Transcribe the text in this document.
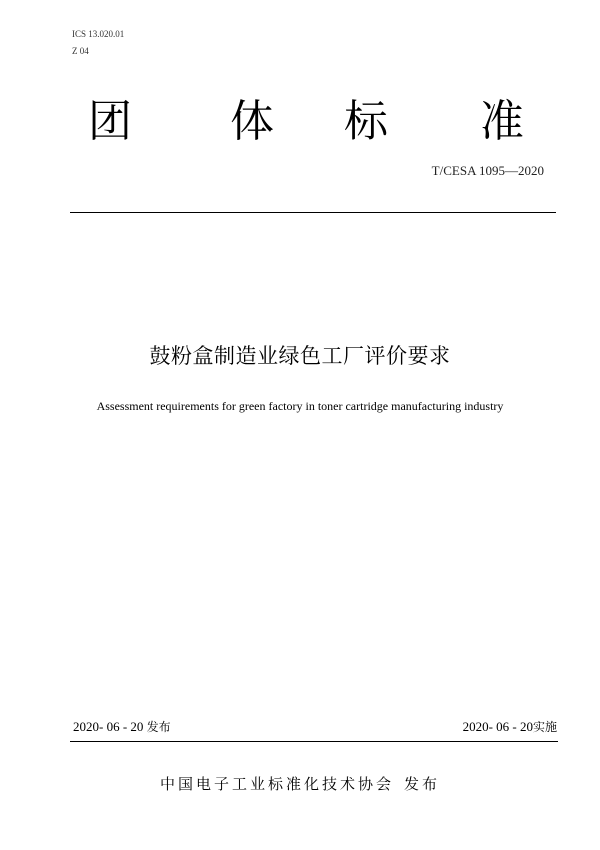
ICS 13.020.01
Z 04
团 体 标 准
T/CESA 1095—2020
鼓粉盒制造业绿色工厂评价要求
Assessment requirements for green factory in toner cartridge manufacturing industry
2020- 06 - 20 发布	2020- 06 - 20实施
中国电子工业标准化技术协会 发布
